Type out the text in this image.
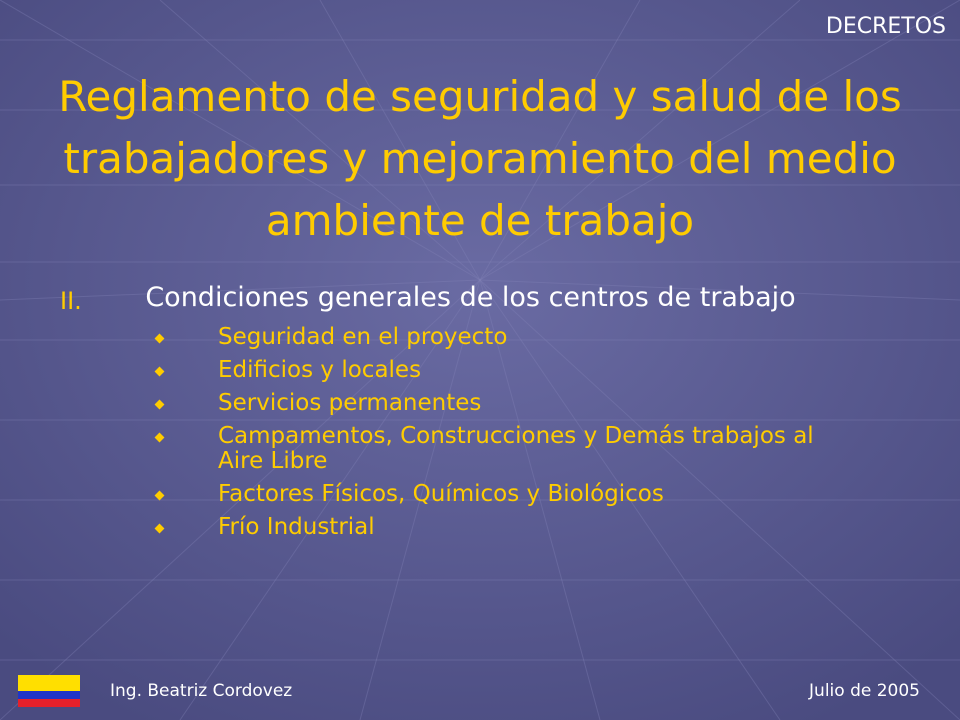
DECRETOS
Reglamento de seguridad y salud de los trabajadores y mejoramiento del medio ambiente de trabajo
II.	Condiciones generales de los centros de trabajo
Seguridad en el proyecto
Edificios y locales
Servicios permanentes
Campamentos, Construcciones y Demás trabajos al Aire Libre
Factores Físicos, Químicos y Biológicos
Frío Industrial
Ing. Beatriz Cordovez	Julio de 2005
